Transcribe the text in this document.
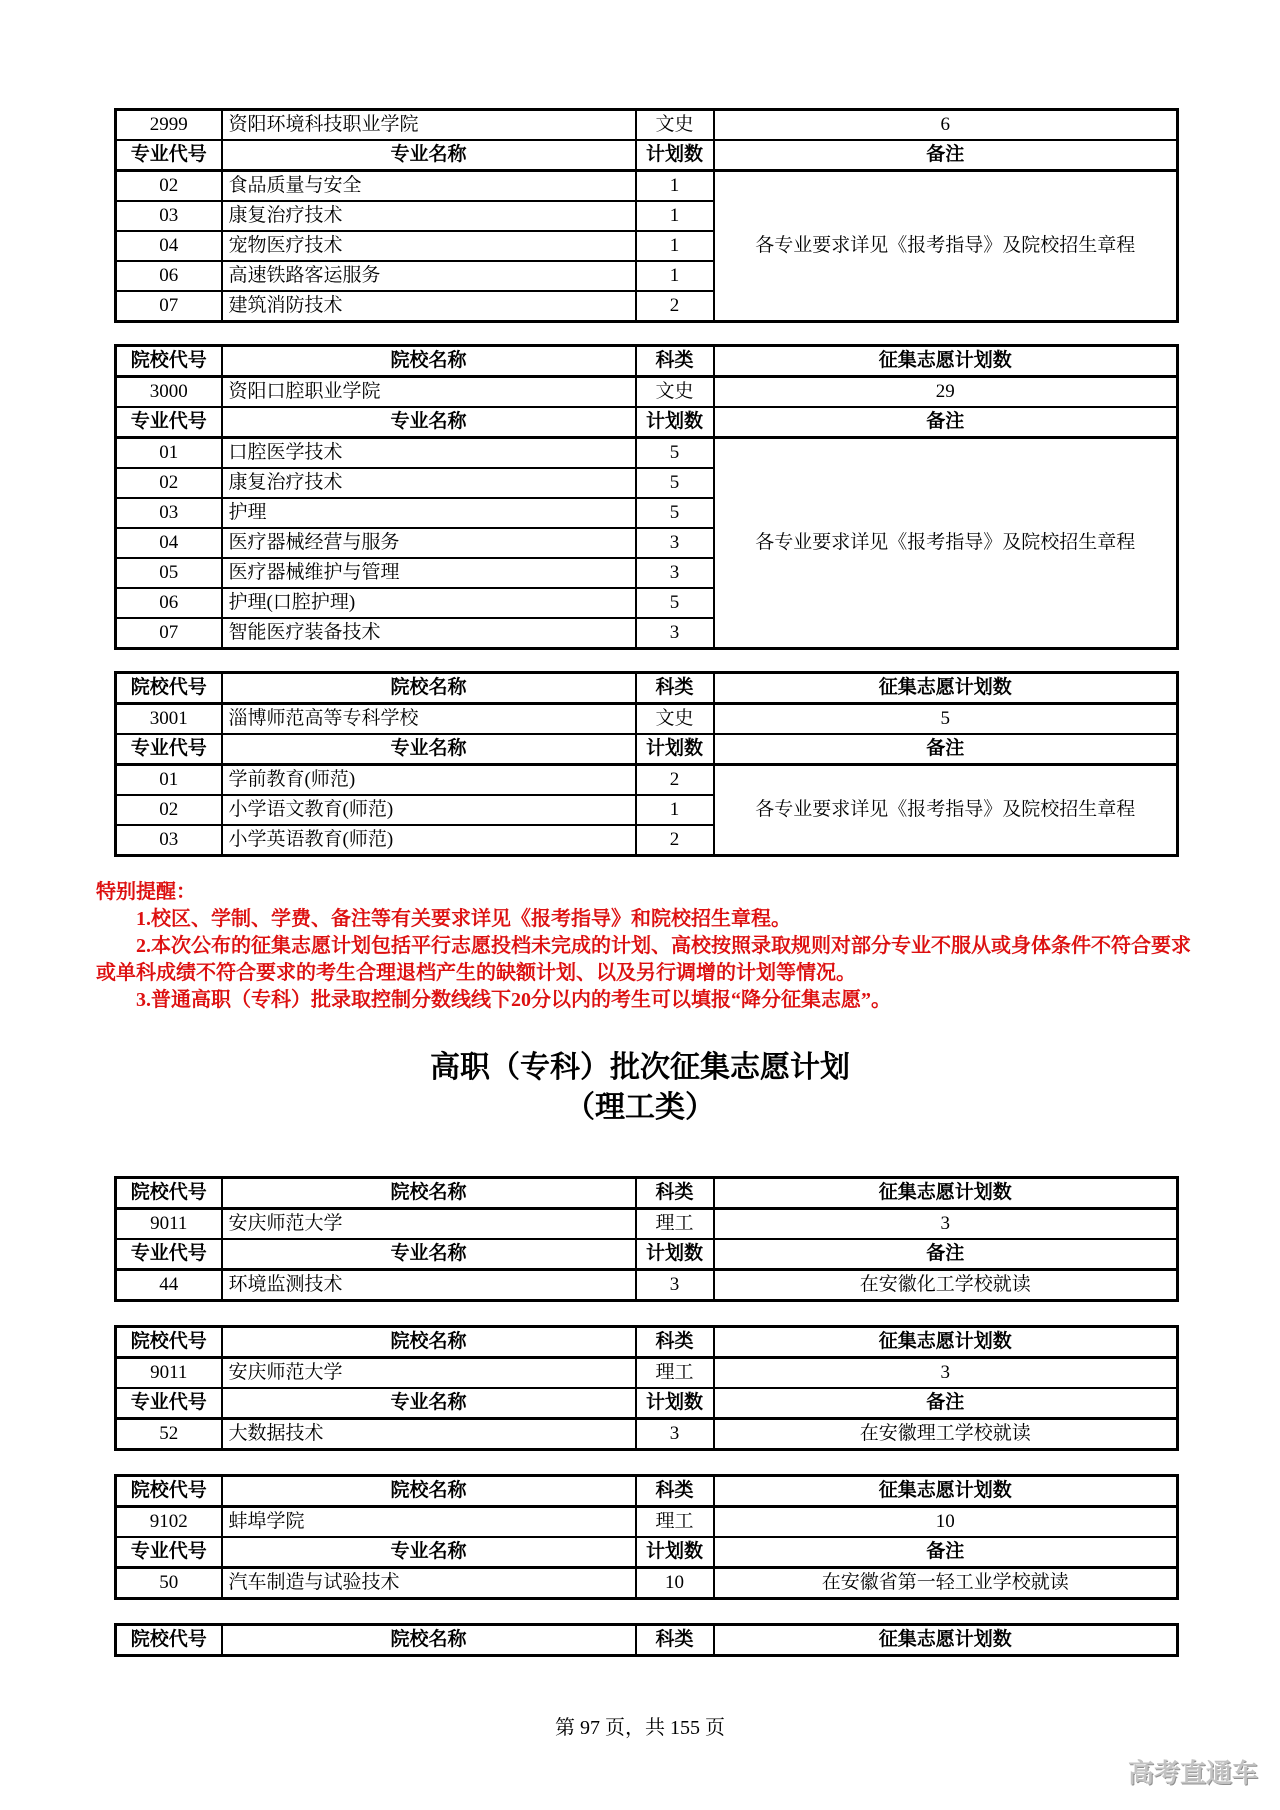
2999	资阳环境科技职业学院	文史	6
专业代号	专业名称	计划数	备注
02	食品质量与安全	1	各专业要求详见《报考指导》及院校招生章程
03	康复治疗技术	1	
04	宠物医疗技术	1	
06	高速铁路客运服务	1	
07	建筑消防技术	2	
院校代号	院校名称	科类	征集志愿计划数
3000	资阳口腔职业学院	文史	29
专业代号	专业名称	计划数	备注
01	口腔医学技术	5	各专业要求详见《报考指导》及院校招生章程
02	康复治疗技术	5	
03	护理	5	
04	医疗器械经营与服务	3	
05	医疗器械维护与管理	3	
06	护理(口腔护理)	5	
07	智能医疗装备技术	3	
院校代号	院校名称	科类	征集志愿计划数
3001	淄博师范高等专科学校	文史	5
专业代号	专业名称	计划数	备注
01	学前教育(师范)	2	各专业要求详见《报考指导》及院校招生章程
02	小学语文教育(师范)	1	
03	小学英语教育(师范)	2	

特别提醒：

1.校区、学制、学费、备注等有关要求详见《报考指导》和院校招生章程。

2.本次公布的征集志愿计划包括平行志愿投档未完成的计划、高校按照录取规则对部分专业不服从或身体条件不符合要求或单科成绩不符合要求的考生合理退档产生的缺额计划、以及另行调增的计划等情况。

3.普通高职（专科）批录取控制分数线线下20分以内的考生可以填报“降分征集志愿”。

高职（专科）批次征集志愿计划
（理工类）
院校代号	院校名称	科类	征集志愿计划数
9011	安庆师范大学	理工	3
专业代号	专业名称	计划数	备注
44	环境监测技术	3	在安徽化工学校就读
院校代号	院校名称	科类	征集志愿计划数
9011	安庆师范大学	理工	3
专业代号	专业名称	计划数	备注
52	大数据技术	3	在安徽理工学校就读
院校代号	院校名称	科类	征集志愿计划数
9102	蚌埠学院	理工	10
专业代号	专业名称	计划数	备注
50	汽车制造与试验技术	10	在安徽省第一轻工业学校就读
院校代号	院校名称	科类	征集志愿计划数
第 97 页，共 155 页
高考直通车
